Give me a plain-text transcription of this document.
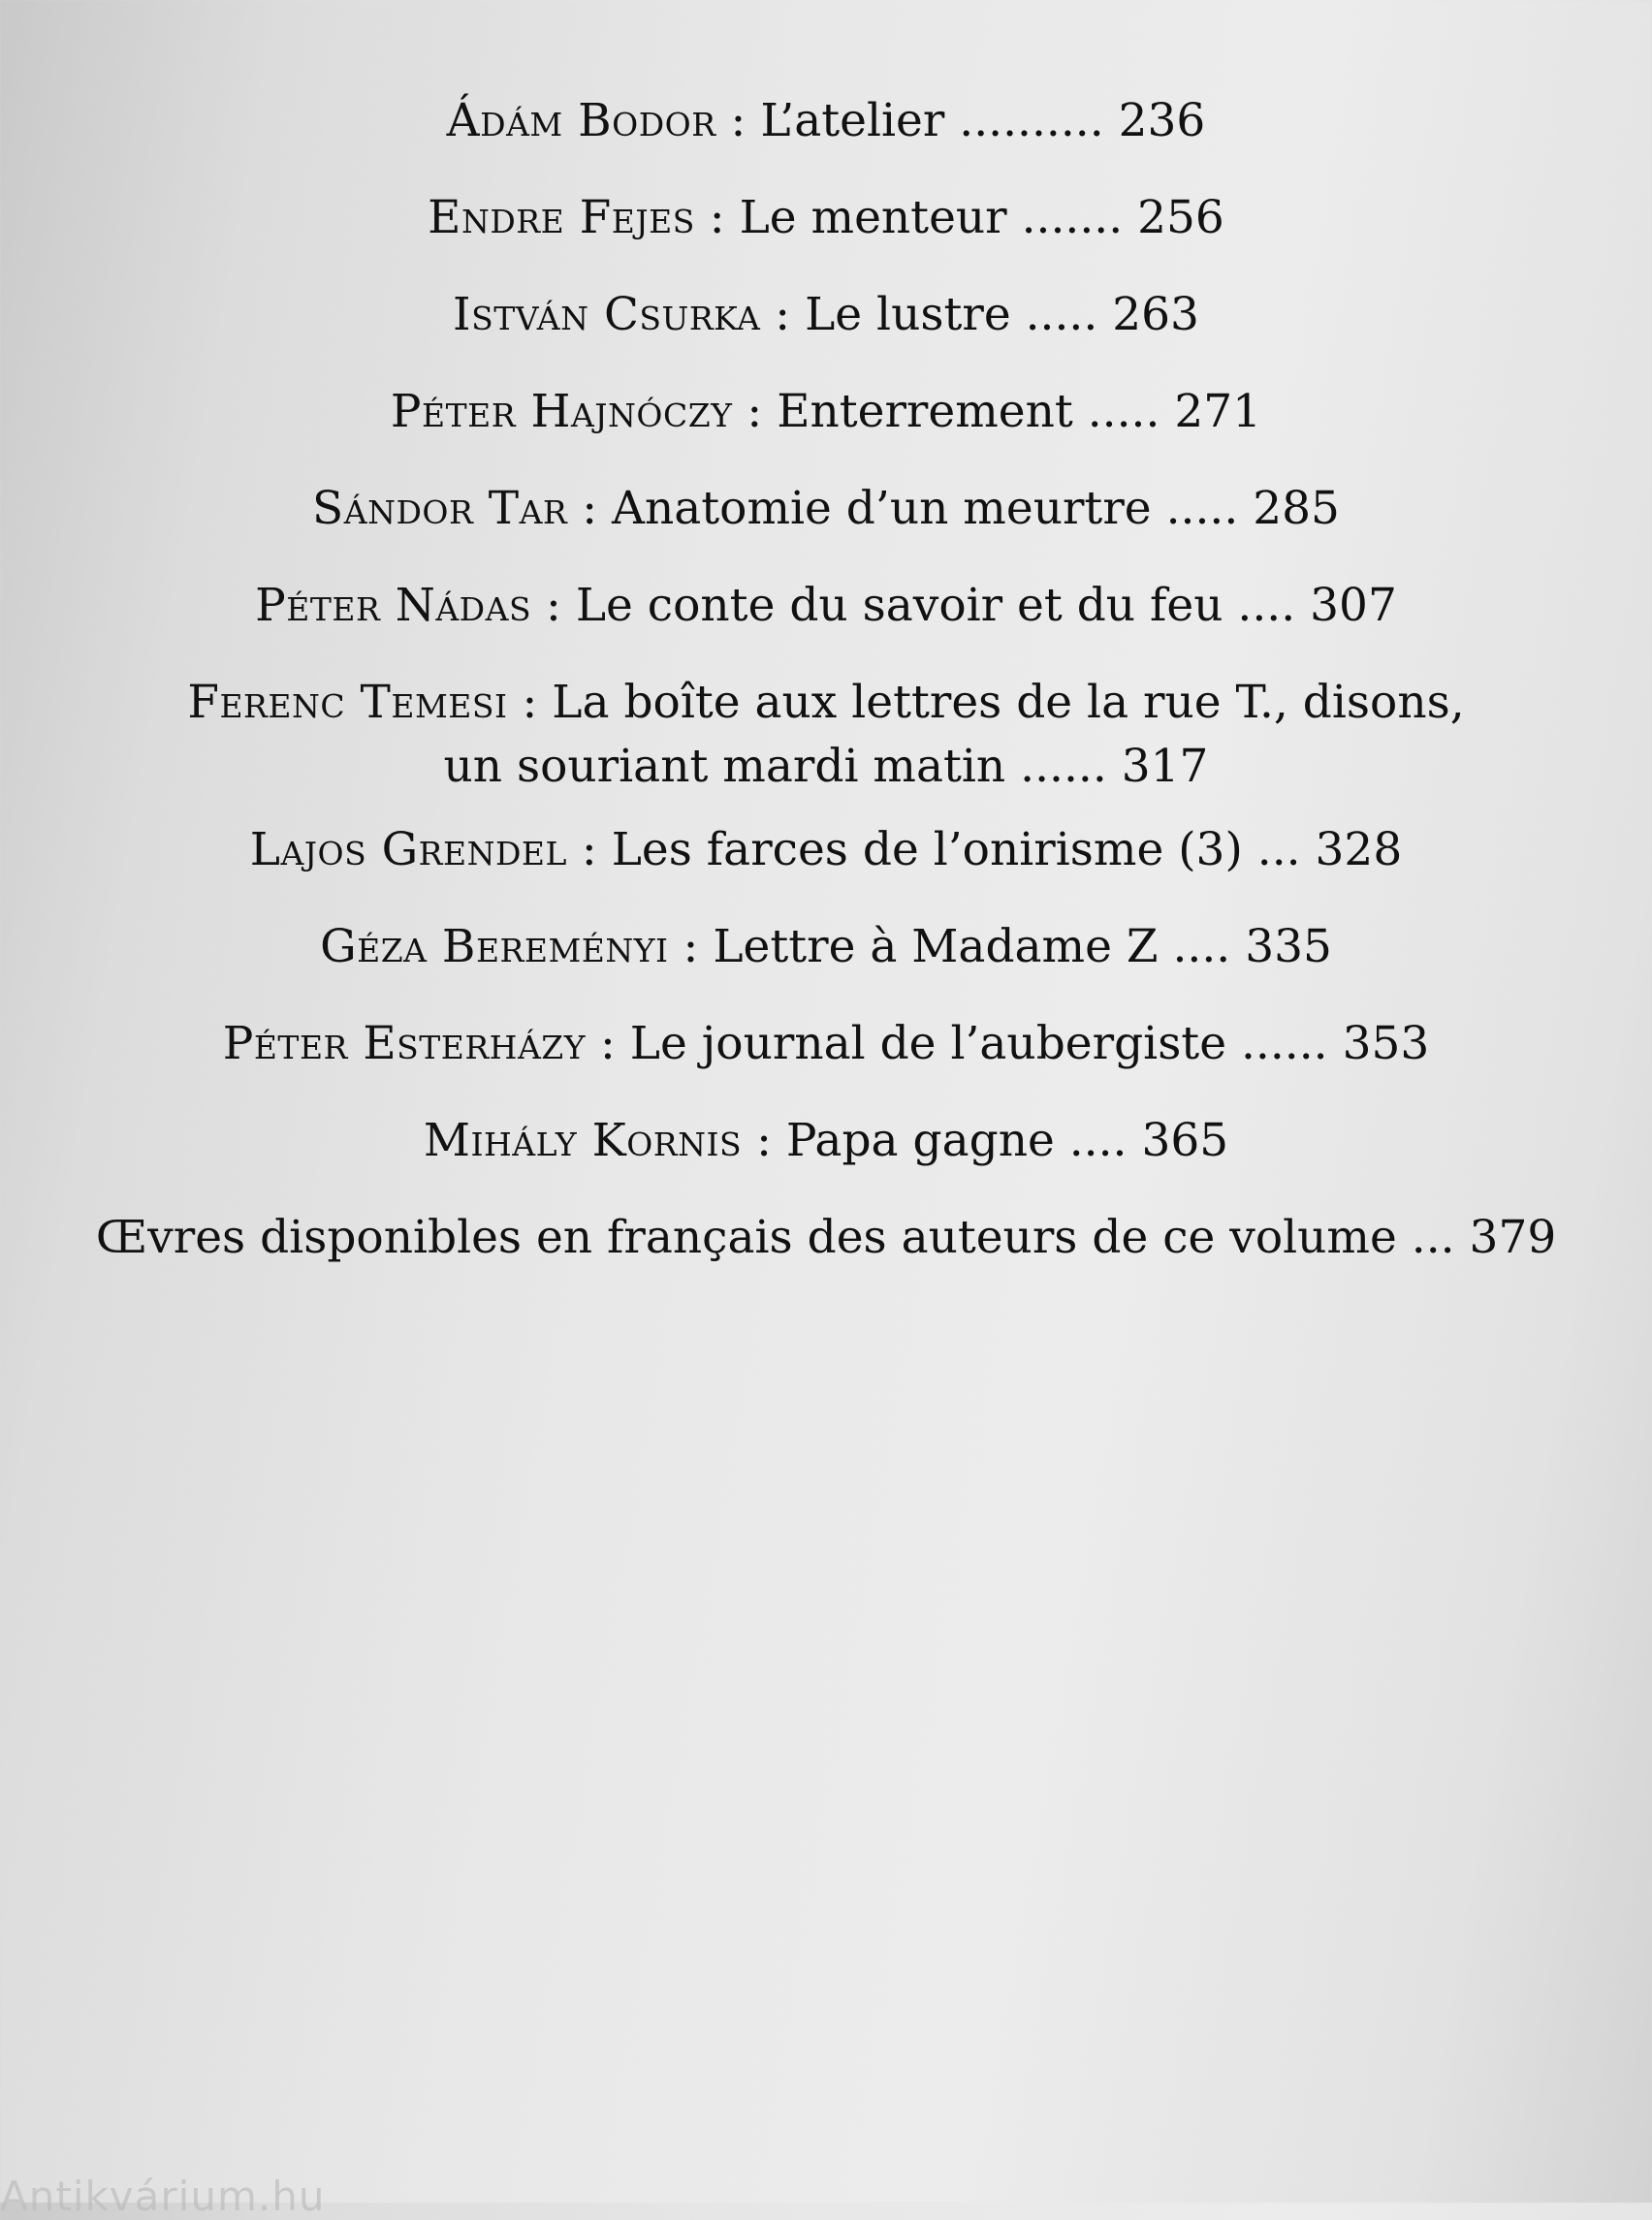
Ádám Bodor : L’atelier .......... 236
Endre Fejes : Le menteur ....... 256
István Csurka : Le lustre ..... 263
Péter Hajnóczy : Enterrement ..... 271
Sándor Tar : Anatomie d’un meurtre ..... 285
Péter Nádas : Le conte du savoir et du feu .... 307
Ferenc Temesi : La boîte aux lettres de la rue T., disons,
un souriant mardi matin ...... 317
Lajos Grendel : Les farces de l’onirisme (3) ... 328
Géza Bereményi : Lettre à Madame Z .... 335
Péter Esterházy : Le journal de l’aubergiste ...... 353
Mihály Kornis : Papa gagne .... 365
Œvres disponibles en français des auteurs de ce volume ... 379
Antikvárium.hu
